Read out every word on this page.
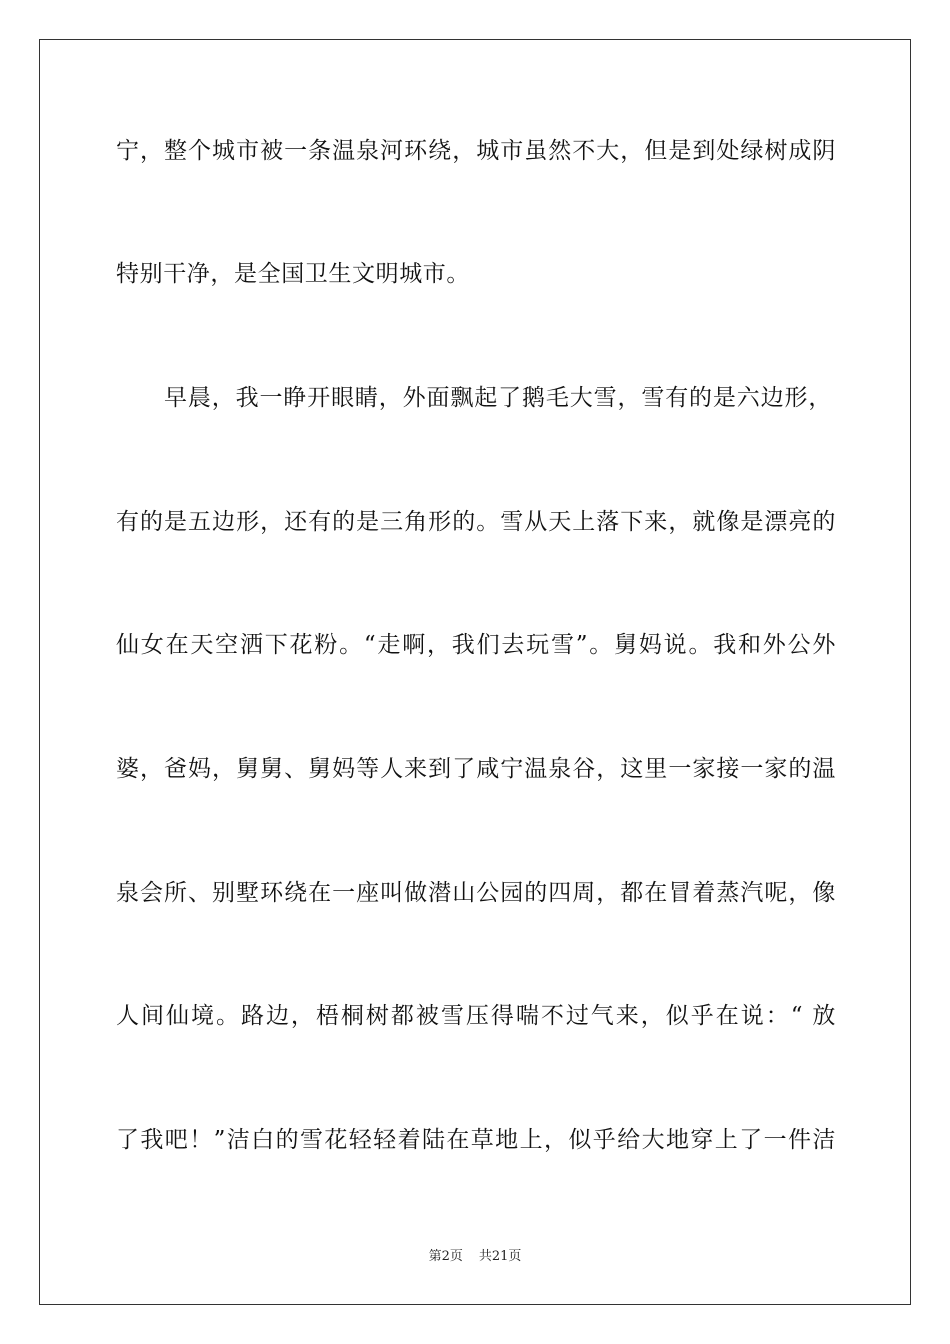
宁，整个城市被一条温泉河环绕，城市虽然不大，但是到处绿树成阴
特别干净，是全国卫生文明城市。
早晨，我一睁开眼睛，外面飘起了鹅毛大雪，雪有的是六边形，
有的是五边形，还有的是三角形的。雪从天上落下来，就像是漂亮的
仙女在天空洒下花粉。“走啊，我们去玩雪”。舅妈说。我和外公外
婆，爸妈，舅舅、舅妈等人来到了咸宁温泉谷，这里一家接一家的温
泉会所、别墅环绕在一座叫做潜山公园的四周，都在冒着蒸汽呢，像
人间仙境。路边，梧桐树都被雪压得喘不过气来，似乎在说：“ 放
了我吧！”洁白的雪花轻轻着陆在草地上，似乎给大地穿上了一件洁
第2页 共21页
